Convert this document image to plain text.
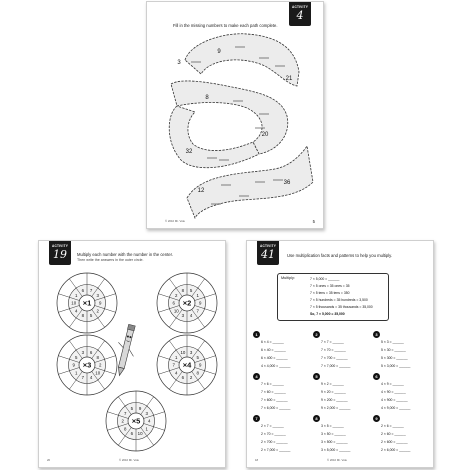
ACTIVITY
4
Fill in the missing numbers to make each path complete.
3
9
21
8
20
32
36
12
© 2010 Mr. Vole	5
ACTIVITY
19	Multiply each number with the number in the center.
Then write the answers in the outer circle.
9
3
4
1
10
6
8
2
7
5
×5
3
5
9
8
2
6
4
7
1
10
×4
6
8
2
10
4
7
1
9
5
3
×3
5
1
9
7
4
3
10
6
2
8
×2
7
3
9
2
5
8
4
10
1
6
×1
20	© 2010 Mr. Vole
ACTIVITY
41	Use multiplication facts and patterns to help you multiply.
Multiply:	7 × 5,000 = ______
7 × 5 ones = 35 ones = 35
7 × 5 tens = 35 tens = 350
7 × 5 hundreds = 35 hundreds = 3,500
7 × 5 thousands = 35 thousands = 35,000
So, 7 × 5,000 = 35,000
1
6 × 4 = ______
6 × 40 = ______
6 × 400 = ______
4 × 4,000 = ______
2
7 × 7 = ______
7 × 70 = ______
7 × 700 = ______
7 × 7,000 = ______
3
5 × 3 = ______
5 × 30 = ______
5 × 300 = ______
5 × 3,000 = ______
4
7 × 6 = ______
7 × 60 = ______
7 × 600 = ______
7 × 6,000 = ______
5
9 × 2 = ______
9 × 20 = ______
9 × 200 = ______
9 × 2,000 = ______
6
4 × 9 = ______
4 × 90 = ______
4 × 900 = ______
4 × 9,000 = ______
7
2 × 7 = ______
2 × 70 = ______
2 × 700 = ______
2 × 7,000 = ______
8
3 × 5 = ______
3 × 50 = ______
3 × 500 = ______
3 × 5,000 = ______
9
2 × 6 = ______
2 × 60 = ______
2 × 600 = ______
2 × 6,000 = ______
18	© 2010 Mr. Vole
